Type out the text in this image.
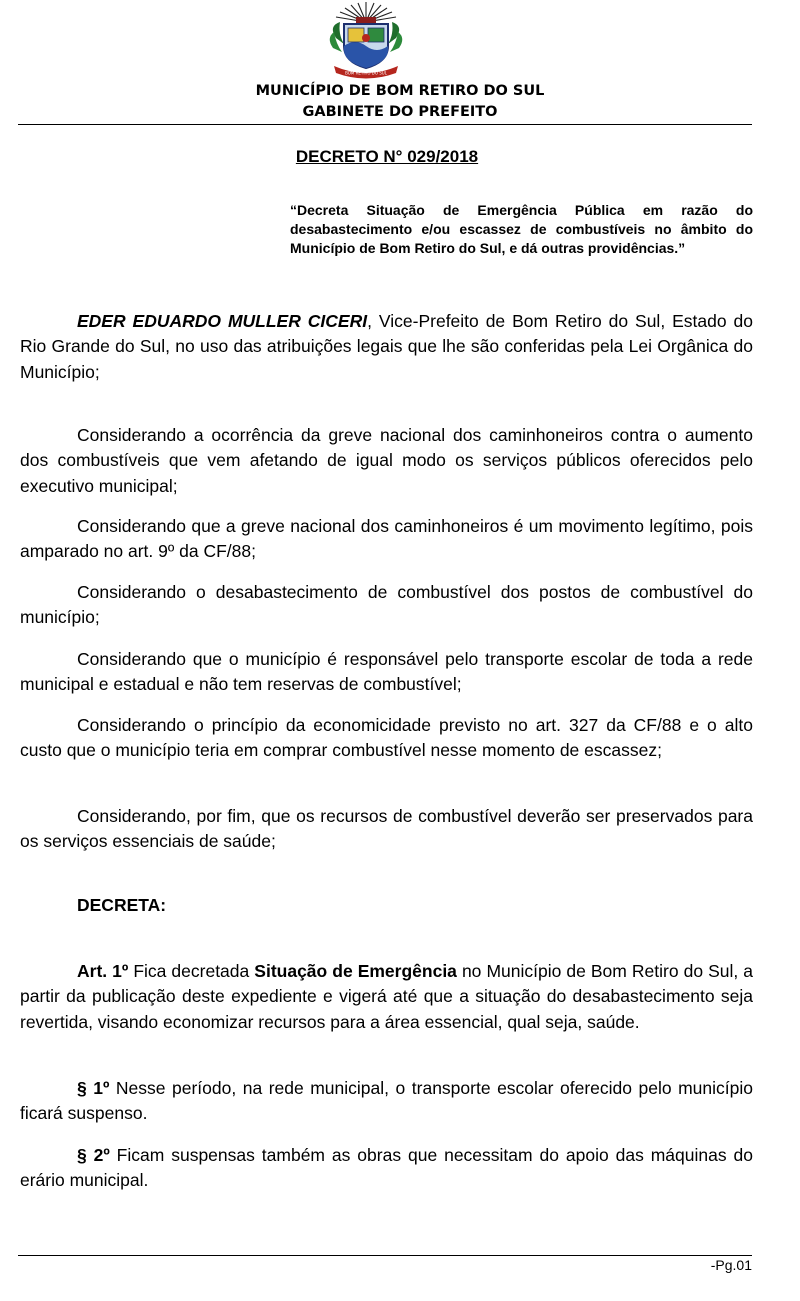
BOM RETIRO DO SUL
MUNICÍPIO DE BOM RETIRO DO SUL
GABINETE DO PREFEITO
DECRETO N° 029/2018
“Decreta Situação de Emergência Pública em razão do desabastecimento e/ou escassez de combustíveis no âmbito do Município de Bom Retiro do Sul, e dá outras providências.”

EDER EDUARDO MULLER CICERI, Vice-Prefeito de Bom Retiro do Sul, Estado do Rio Grande do Sul, no uso das atribuições legais que lhe são conferidas pela Lei Orgânica do Município;

Considerando a ocorrência da greve nacional dos caminhoneiros contra o aumento dos combustíveis que vem afetando de igual modo os serviços públicos oferecidos pelo executivo municipal;

Considerando que a greve nacional dos caminhoneiros é um movimento legítimo, pois amparado no art. 9º da CF/88;

Considerando o desabastecimento de combustível dos postos de combustível do município;

Considerando que o município é responsável pelo transporte escolar de toda a rede municipal e estadual e não tem reservas de combustível;

Considerando o princípio da economicidade previsto no art. 327 da CF/88 e o alto custo que o município teria em comprar combustível nesse momento de escassez;

Considerando, por fim, que os recursos de combustível deverão ser preservados para os serviços essenciais de saúde;

DECRETA:

Art. 1º Fica decretada Situação de Emergência no Município de Bom Retiro do Sul, a partir da publicação deste expediente e vigerá até que a situação do desabastecimento seja revertida, visando economizar recursos para a área essencial, qual seja, saúde.

§ 1º Nesse período, na rede municipal, o transporte escolar oferecido pelo município ficará suspenso.

§ 2º Ficam suspensas também as obras que necessitam do apoio das máquinas do erário municipal.

-Pg.01
